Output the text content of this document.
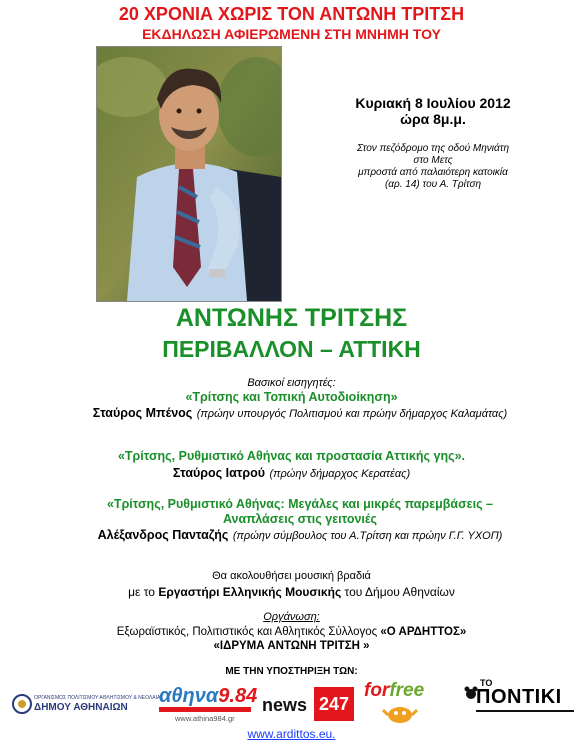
20 ΧΡΟΝΙΑ ΧΩΡΙΣ ΤΟΝ ΑΝΤΩΝΗ ΤΡΙΤΣΗ
ΕΚΔΗΛΩΣΗ ΑΦΙΕΡΩΜΕΝΗ ΣΤΗ ΜΝΗΜΗ ΤΟΥ
Κυριακή 8 Ιουλίου 2012
ώρα 8μ.μ.
Στον πεζόδρομο της οδού Μηνιάτη
στο Μετς
μπροστά από παλαιότερη κατοικία
(αρ. 14) του Α. Τρίτση
ΑΝΤΩΝΗΣ ΤΡΙΤΣΗΣ
ΠΕΡΙΒΑΛΛΟΝ – ΑΤΤΙΚΗ
Βασικοί εισηγητές:
«Τρίτσης και Τοπική Αυτοδιοίκηση»
Σταύρος Μπένος (πρώην υπουργός Πολιτισμού και πρώην δήμαρχος Καλαμάτας)
«Τρίτσης, Ρυθμιστικό Αθήνας και προστασία Αττικής γης».
Σταύρος Ιατρού (πρώην δήμαρχος Κερατέας)
«Τρίτσης, Ρυθμιστικό Αθήνας: Μεγάλες και μικρές παρεμβάσεις – Αναπλάσεις στις γειτονιές
Αλέξανδρος Πανταζής (πρώην σύμβουλος του Α.Τρίτση και πρώην Γ.Γ. ΥΧΟΠ)
Θα ακολουθήσει μουσική βραδιά
με το Εργαστήρι Ελληνικής Μουσικής του Δήμου Αθηναίων
Οργάνωση:
Εξωραϊστικός, Πολιτιστικός και Αθλητικός Σύλλογος «Ο ΑΡΔΗΤΤΟΣ»
«ΙΔΡΥΜΑ ΑΝΤΩΝΗ ΤΡΙΤΣΗ »
ΜΕ ΤΗΝ ΥΠΟΣΤΗΡΙΞΗ ΤΩΝ:
ΟΡΓΑΝΙΣΜΟΣ ΠΟΛΙΤΙΣΜΟΥ ΑΘΛΗΤΙΣΜΟΥ & ΝΕΟΛΑΙΑΣ
ΔΗΜΟΥ ΑΘΗΝΑΙΩΝ
αθηνα9.84
www.athina984.gr
news 247
forfree	ΤΟ
ΠΟΝΤΙΚΙ
www.ardittos.eu.
